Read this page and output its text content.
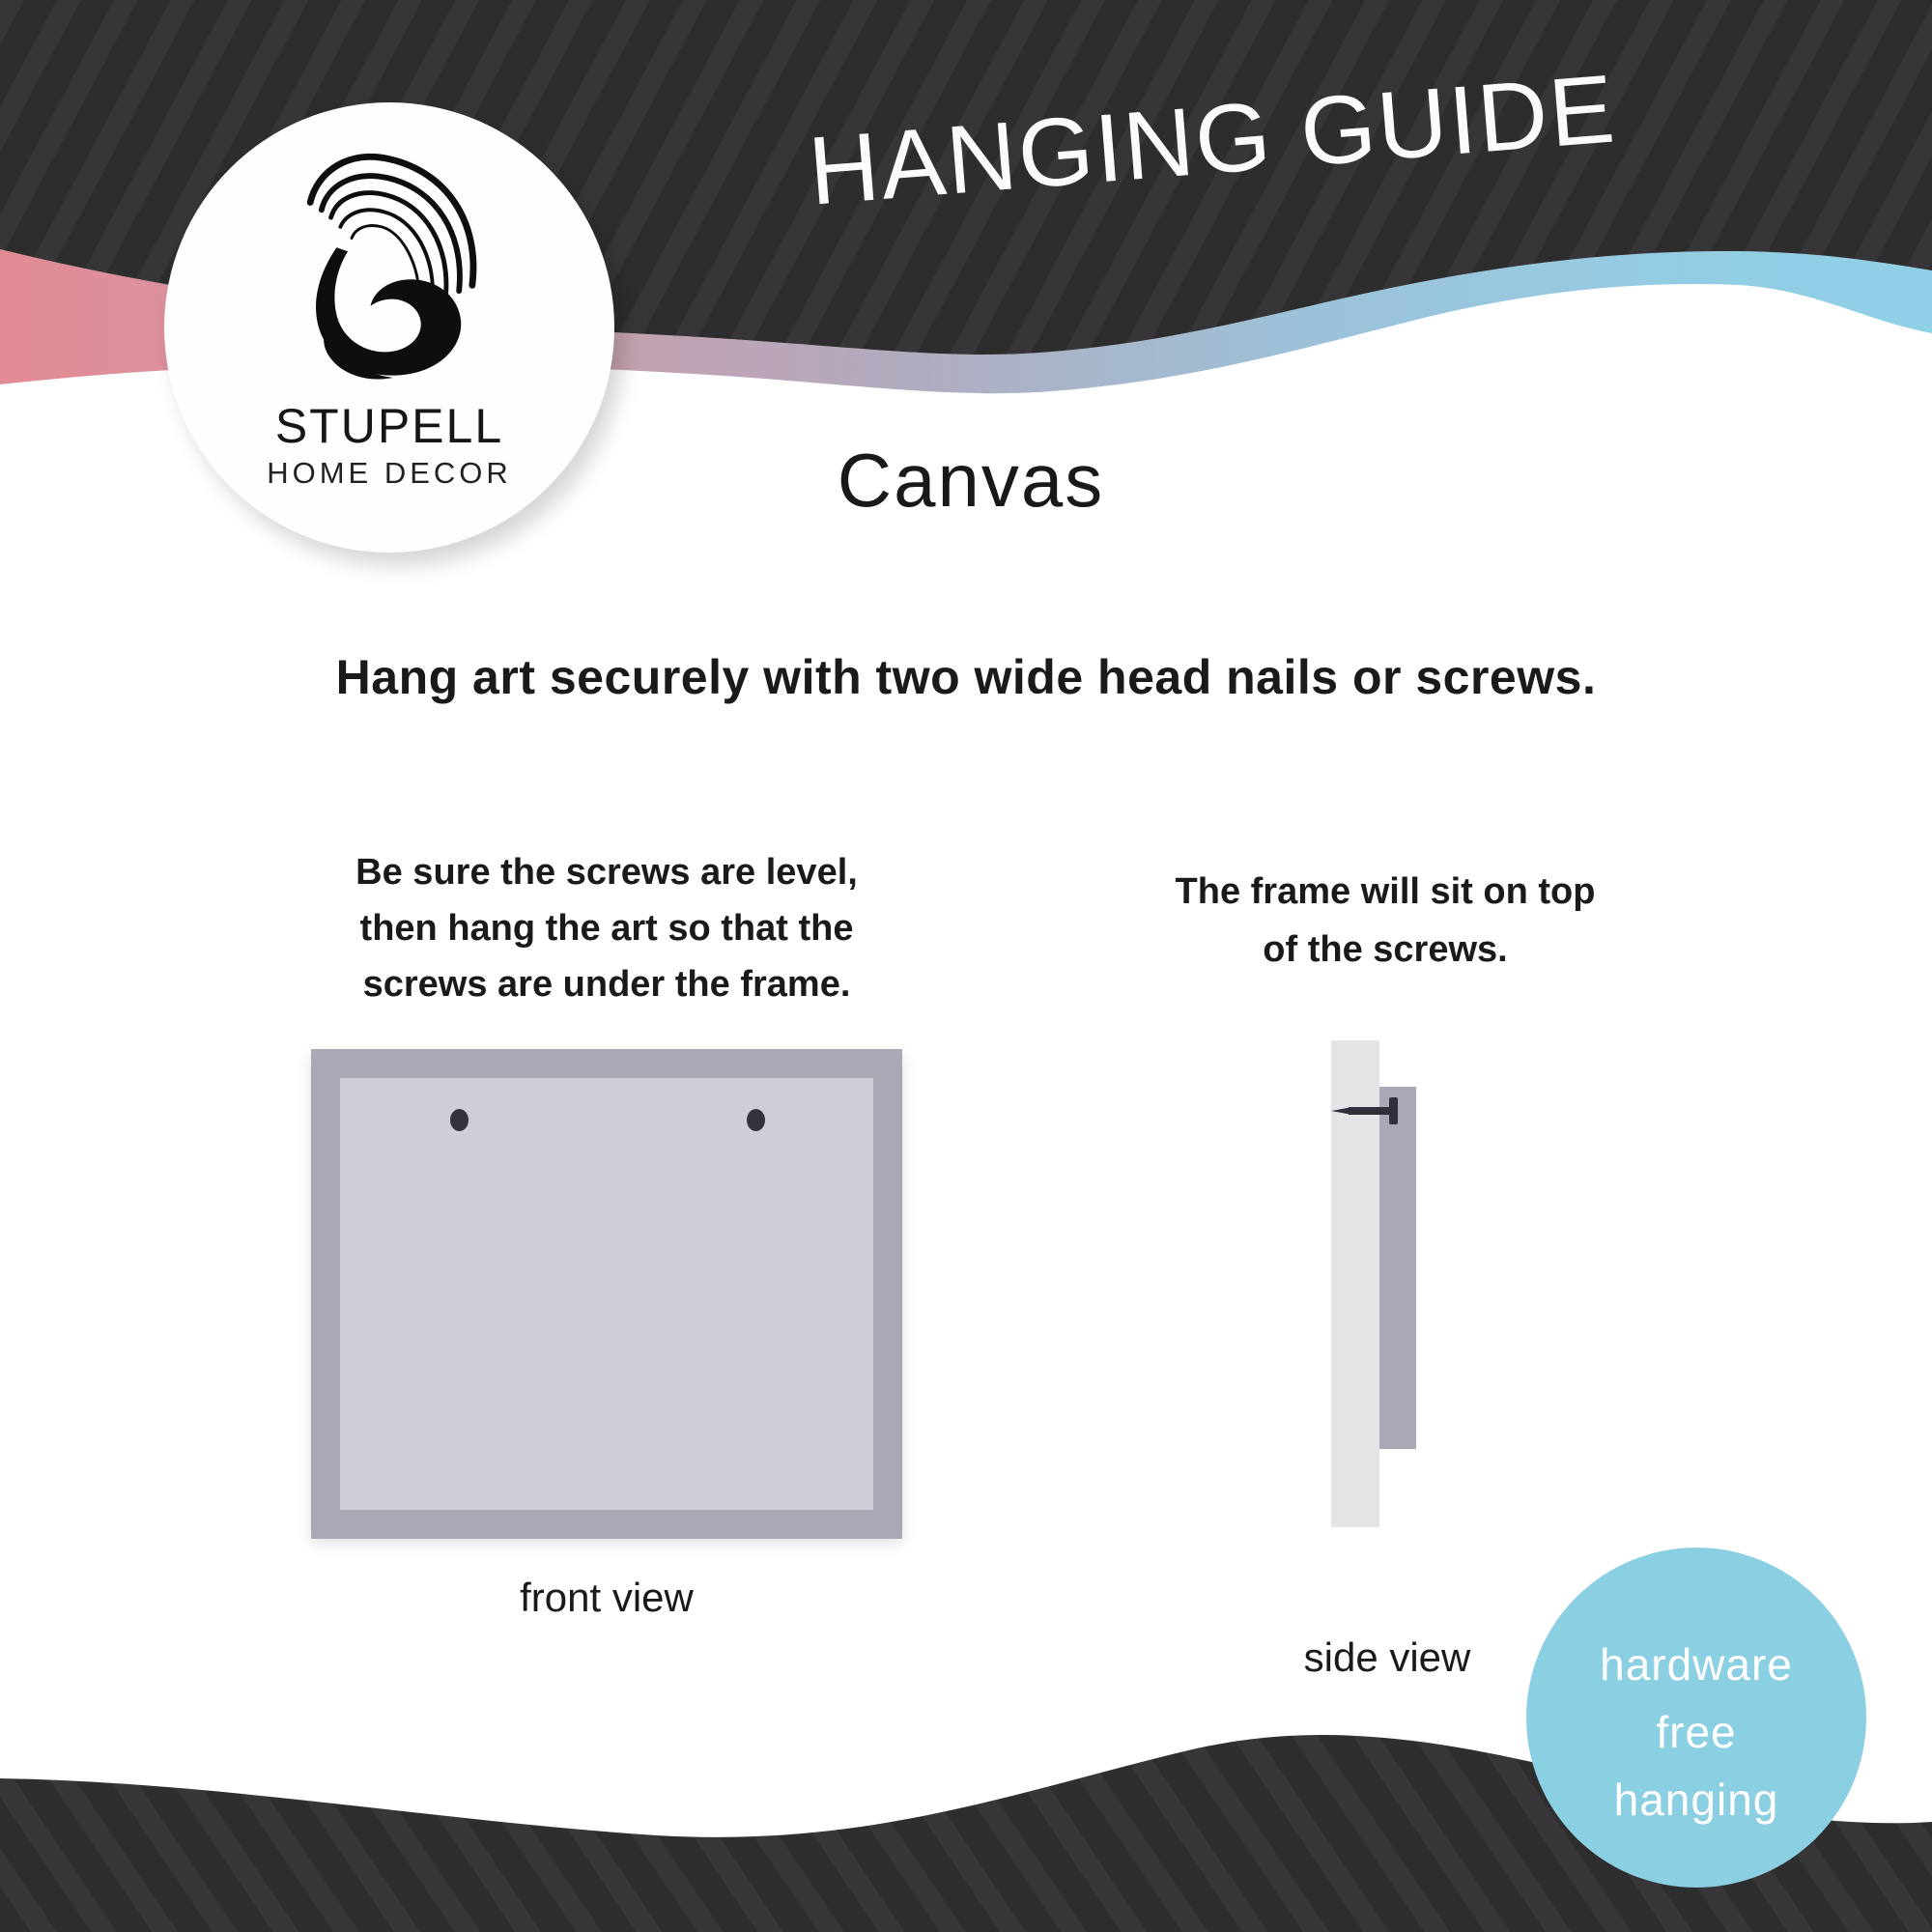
HANGING GUIDE
STUPELL
HOME DECOR	Canvas
Hang art securely with two wide head nails or screws.
Be sure the screws are level,
then hang the art so that the
screws are under the frame.
The frame will sit on top
of the screws.
front view
side view	hardware
free
hanging
